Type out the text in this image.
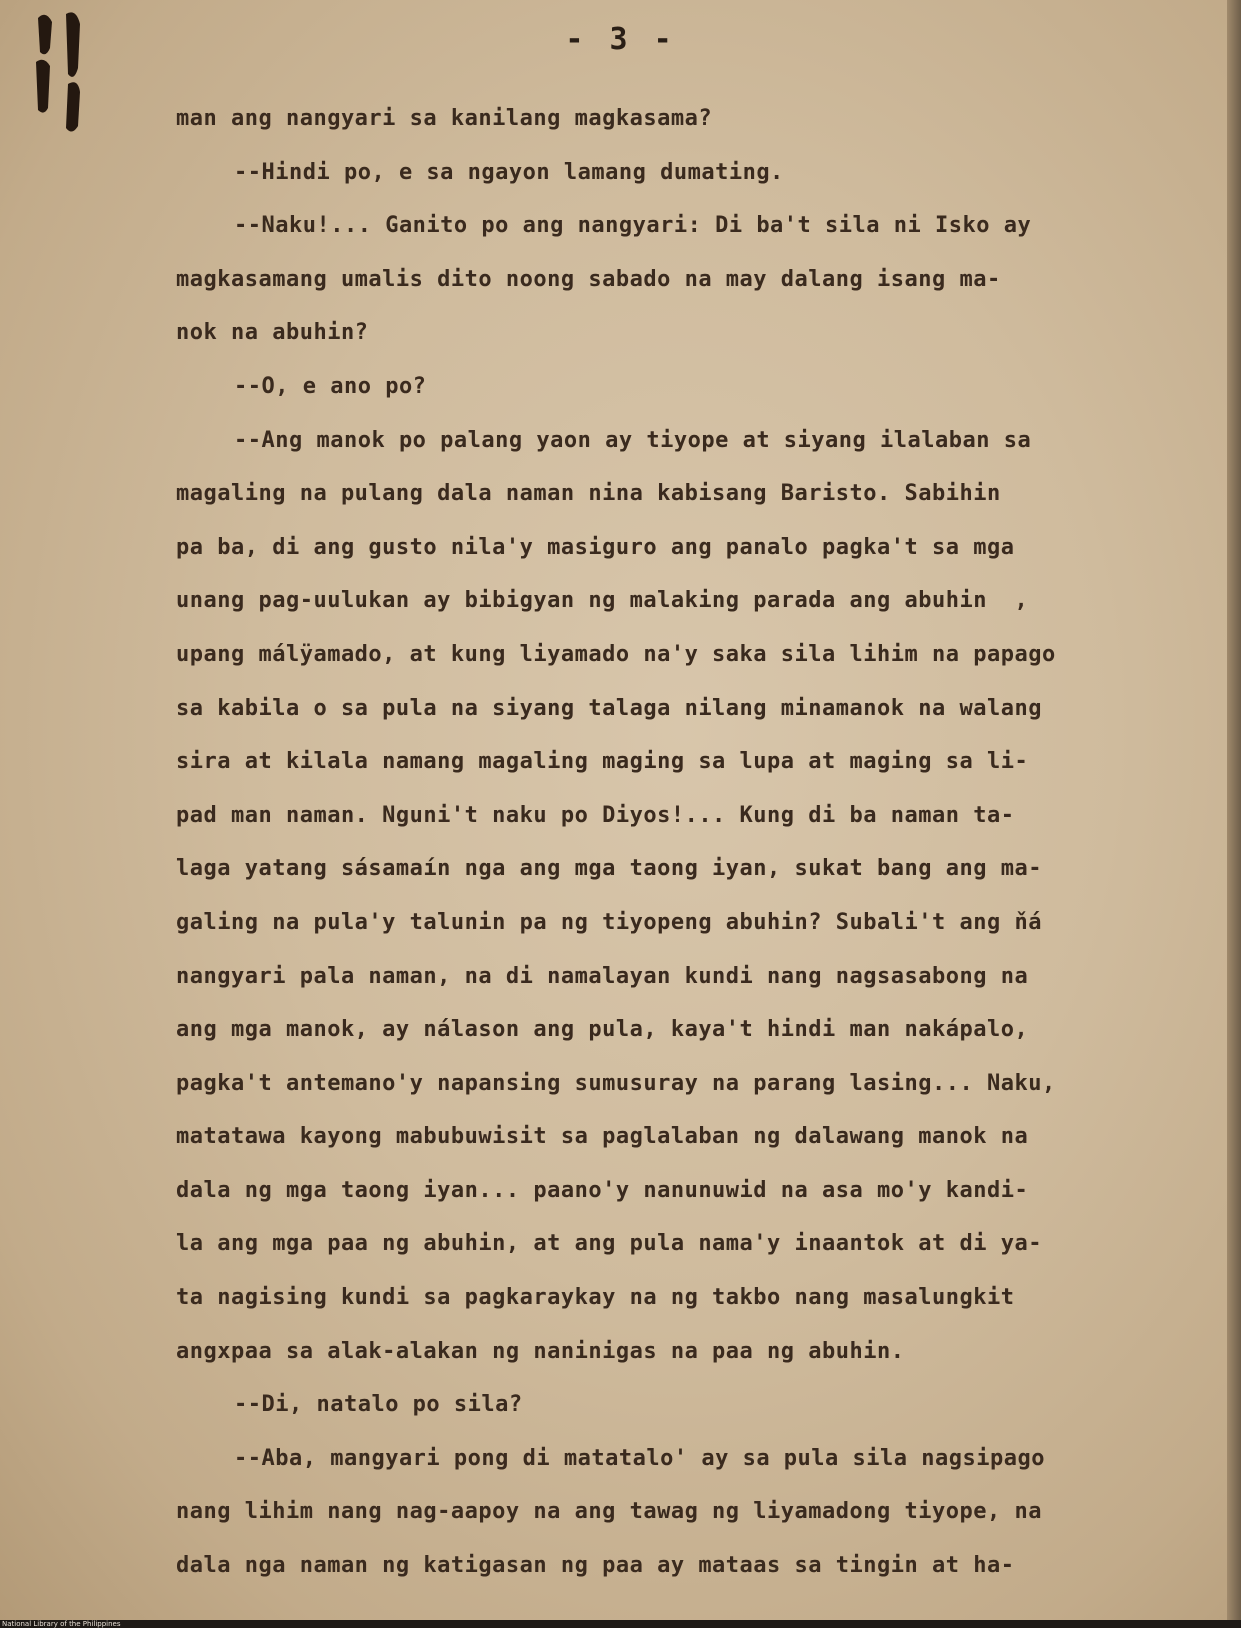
- 3 -
man ang nangyari sa kanilang magkasama?
--Hindi po, e sa ngayon lamang dumating.
--Naku!... Ganito po ang nangyari: Di ba't sila ni Isko ay
magkasamang umalis dito noong sabado na may dalang isang ma-
nok na abuhin?
--O, e ano po?
--Ang manok po palang yaon ay tiyope at siyang ilalaban sa
magaling na pulang dala naman nina kabisang Baristo. Sabihin
pa ba, di ang gusto nila'y masiguro ang panalo pagka't sa mga
unang pag-uulukan ay bibigyan ng malaking parada ang abuhin  ,
upang málÿamado, at kung liyamado na'y saka sila lihim na papago
sa kabila o sa pula na siyang talaga nilang minamanok na walang
sira at kilala namang magaling maging sa lupa at maging sa li-
pad man naman. Nguni't naku po Diyos!... Kung di ba naman ta-
laga yatang sásamaín nga ang mga taong iyan, sukat bang ang ma-
galing na pula'y talunin pa ng tiyopeng abuhin? Subali't ang ňá
nangyari pala naman, na di namalayan kundi nang nagsasabong na
ang mga manok, ay nálason ang pula, kaya't hindi man nakápalo,
pagka't antemano'y napansing sumusuray na parang lasing... Naku,
matatawa kayong mabubuwisit sa paglalaban ng dalawang manok na
dala ng mga taong iyan... paano'y nanunuwid na asa mo'y kandi-
la ang mga paa ng abuhin, at ang pula nama'y inaantok at di ya-
ta nagising kundi sa pagkaraykay na ng takbo nang masalungkit
angxpaa sa alak-alakan ng naninigas na paa ng abuhin.
--Di, natalo po sila?
--Aba, mangyari pong di matatalo' ay sa pula sila nagsipago
nang lihim nang nag-aapoy na ang tawag ng liyamadong tiyope, na
dala nga naman ng katigasan ng paa ay mataas sa tingin at ha-
National Library of the Philippines
